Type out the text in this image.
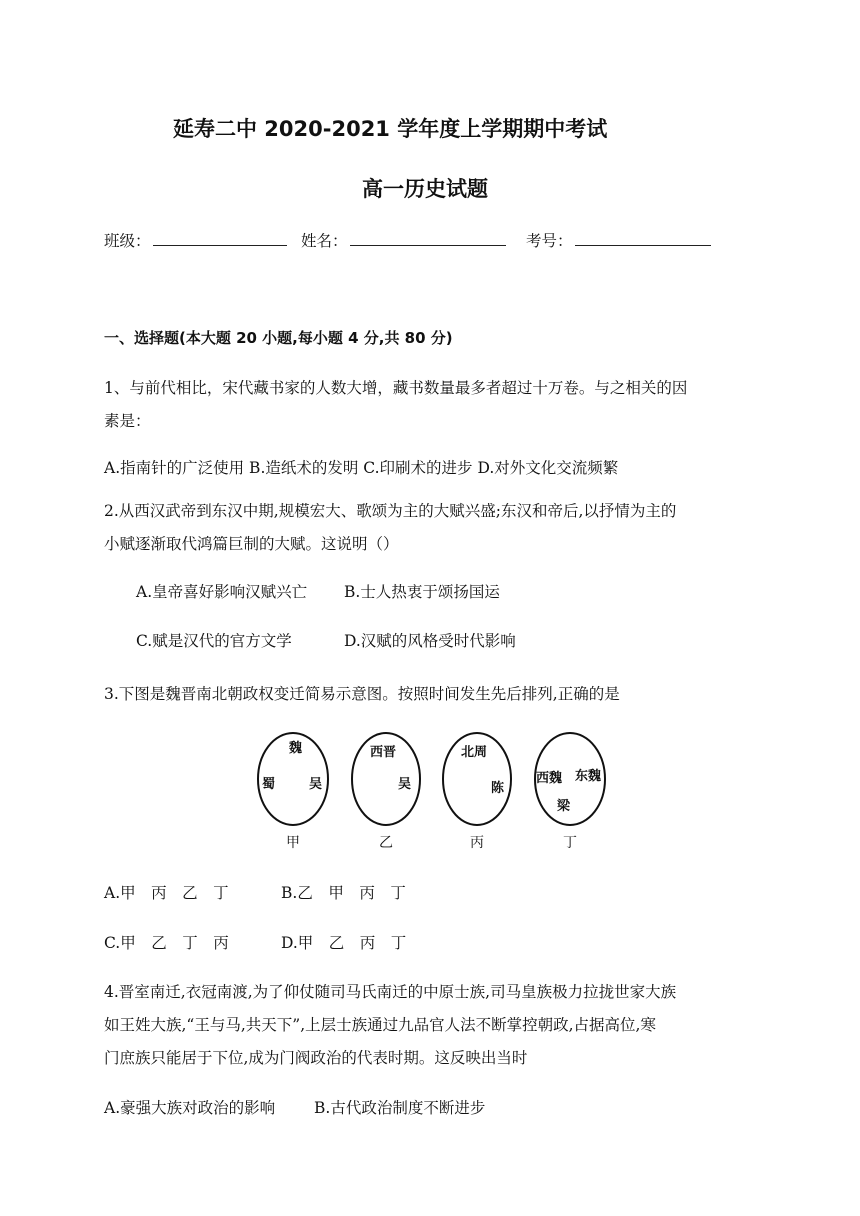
延寿二中 2020-2021 学年度上学期期中考试
高一历史试题
班级：	姓名：	考号：
一、选择题(本大题 20 小题,每小题 4 分,共 80 分)
1、与前代相比，宋代藏书家的人数大增，藏书数量最多者超过十万卷。与之相关的因
素是：
A.指南针的广泛使用 B.造纸术的发明 C.印刷术的进步 D.对外文化交流频繁
2.从西汉武帝到东汉中期,规模宏大、歌颂为主的大赋兴盛;东汉和帝后,以抒情为主的
小赋逐渐取代鸿篇巨制的大赋。这说明（）
A.皇帝喜好影响汉赋兴亡 B.士人热衷于颂扬国运
C.赋是汉代的官方文学	D.汉赋的风格受时代影响
3.下图是魏晋南北朝政权变迁简易示意图。按照时间发生先后排列,正确的是
魏
蜀	吴
甲
西晋
吴
乙
北周
陈
丙
西魏 东魏
梁
丁
A.甲　丙　乙　丁	B.乙　甲　丙　丁
C.甲　乙　丁　丙	D.甲　乙　丙　丁
4.晋室南迁,衣冠南渡,为了仰仗随司马氏南迁的中原士族,司马皇族极力拉拢世家大族
如王姓大族,“王与马,共天下”,上层士族通过九品官人法不断掌控朝政,占据高位,寒
门庶族只能居于下位,成为门阀政治的代表时期。这反映出当时
A.豪强大族对政治的影响	B.古代政治制度不断进步
